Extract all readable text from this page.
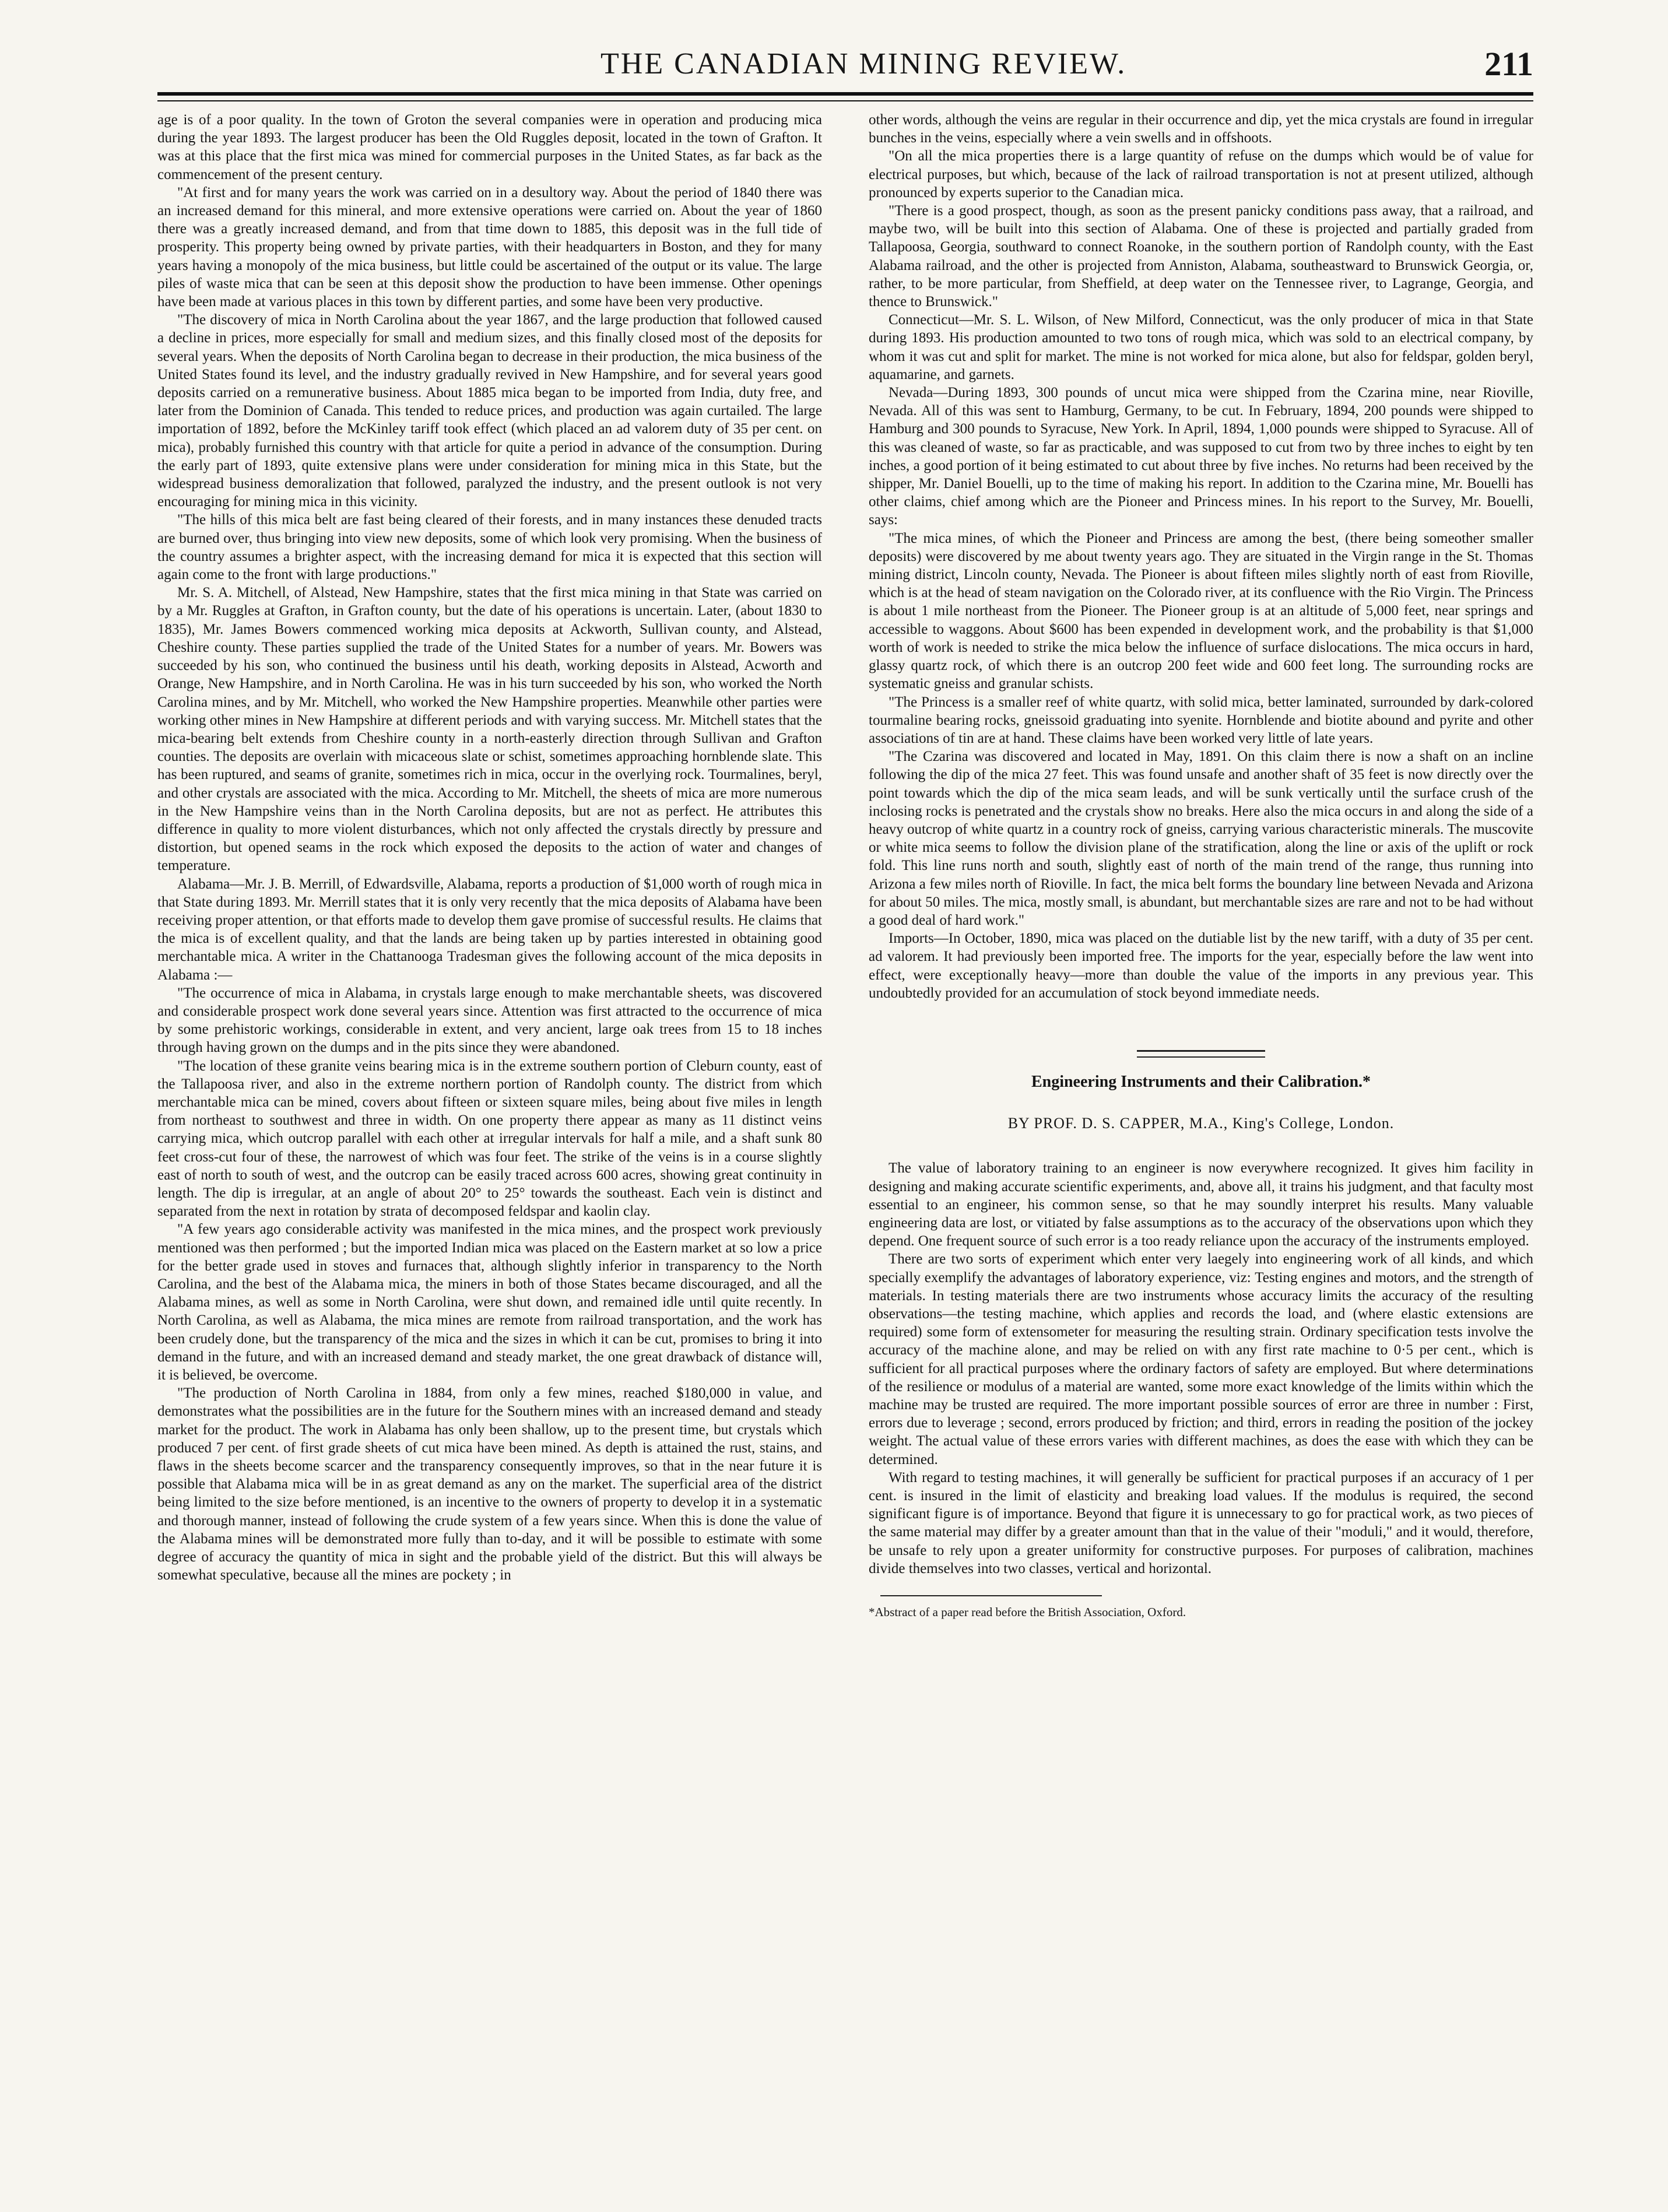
THE CANADIAN MINING REVIEW.	211

age is of a poor quality. In the town of Groton the several companies were in operation and producing mica during the year 1893. The largest producer has been the Old Ruggles deposit, located in the town of Grafton. It was at this place that the first mica was mined for commercial purposes in the United States, as far back as the commencement of the present century.

"At first and for many years the work was carried on in a desultory way. About the period of 1840 there was an increased demand for this mineral, and more extensive operations were carried on. About the year of 1860 there was a greatly increased demand, and from that time down to 1885, this deposit was in the full tide of prosperity. This property being owned by private parties, with their headquarters in Boston, and they for many years having a monopoly of the mica business, but little could be ascertained of the output or its value. The large piles of waste mica that can be seen at this deposit show the production to have been immense. Other openings have been made at various places in this town by different parties, and some have been very productive.

"The discovery of mica in North Carolina about the year 1867, and the large production that followed caused a decline in prices, more especially for small and medium sizes, and this finally closed most of the deposits for several years. When the deposits of North Carolina began to decrease in their production, the mica business of the United States found its level, and the industry gradually revived in New Hampshire, and for several years good deposits carried on a remunerative business. About 1885 mica began to be imported from India, duty free, and later from the Dominion of Canada. This tended to reduce prices, and production was again curtailed. The large importation of 1892, before the McKinley tariff took effect (which placed an ad valorem duty of 35 per cent. on mica), probably furnished this country with that article for quite a period in advance of the consumption. During the early part of 1893, quite extensive plans were under consideration for mining mica in this State, but the widespread business demoralization that followed, paralyzed the industry, and the present outlook is not very encouraging for mining mica in this vicinity.

"The hills of this mica belt are fast being cleared of their forests, and in many instances these denuded tracts are burned over, thus bringing into view new deposits, some of which look very promising. When the business of the country assumes a brighter aspect, with the increasing demand for mica it is expected that this section will again come to the front with large productions."

Mr. S. A. Mitchell, of Alstead, New Hampshire, states that the first mica mining in that State was carried on by a Mr. Ruggles at Grafton, in Grafton county, but the date of his operations is uncertain. Later, (about 1830 to 1835), Mr. James Bowers commenced working mica deposits at Ackworth, Sullivan county, and Alstead, Cheshire county. These parties supplied the trade of the United States for a number of years. Mr. Bowers was succeeded by his son, who continued the business until his death, working deposits in Alstead, Acworth and Orange, New Hampshire, and in North Carolina. He was in his turn succeeded by his son, who worked the North Carolina mines, and by Mr. Mitchell, who worked the New Hampshire properties. Meanwhile other parties were working other mines in New Hampshire at different periods and with varying success. Mr. Mitchell states that the mica-bearing belt extends from Cheshire county in a north-easterly direction through Sullivan and Grafton counties. The deposits are overlain with micaceous slate or schist, sometimes approaching hornblende slate. This has been ruptured, and seams of granite, sometimes rich in mica, occur in the overlying rock. Tourmalines, beryl, and other crystals are associated with the mica. According to Mr. Mitchell, the sheets of mica are more numerous in the New Hampshire veins than in the North Carolina deposits, but are not as perfect. He attributes this difference in quality to more violent disturbances, which not only affected the crystals directly by pressure and distortion, but opened seams in the rock which exposed the deposits to the action of water and changes of temperature.

Alabama—Mr. J. B. Merrill, of Edwardsville, Alabama, reports a production of $1,000 worth of rough mica in that State during 1893. Mr. Merrill states that it is only very recently that the mica deposits of Alabama have been receiving proper attention, or that efforts made to develop them gave promise of successful results. He claims that the mica is of excellent quality, and that the lands are being taken up by parties interested in obtaining good merchantable mica. A writer in the Chattanooga Tradesman gives the following account of the mica deposits in Alabama :—

"The occurrence of mica in Alabama, in crystals large enough to make merchantable sheets, was discovered and considerable prospect work done several years since. Attention was first attracted to the occurrence of mica by some prehistoric workings, considerable in extent, and very ancient, large oak trees from 15 to 18 inches through having grown on the dumps and in the pits since they were abandoned.

"The location of these granite veins bearing mica is in the extreme southern portion of Cleburn county, east of the Tallapoosa river, and also in the extreme northern portion of Randolph county. The district from which merchantable mica can be mined, covers about fifteen or sixteen square miles, being about five miles in length from northeast to southwest and three in width. On one property there appear as many as 11 distinct veins carrying mica, which outcrop parallel with each other at irregular intervals for half a mile, and a shaft sunk 80 feet cross-cut four of these, the narrowest of which was four feet. The strike of the veins is in a course slightly east of north to south of west, and the outcrop can be easily traced across 600 acres, showing great continuity in length. The dip is irregular, at an angle of about 20° to 25° towards the southeast. Each vein is distinct and separated from the next in rotation by strata of decomposed feldspar and kaolin clay.

"A few years ago considerable activity was manifested in the mica mines, and the prospect work previously mentioned was then performed ; but the imported Indian mica was placed on the Eastern market at so low a price for the better grade used in stoves and furnaces that, although slightly inferior in transparency to the North Carolina, and the best of the Alabama mica, the miners in both of those States became discouraged, and all the Alabama mines, as well as some in North Carolina, were shut down, and remained idle until quite recently. In North Carolina, as well as Alabama, the mica mines are remote from railroad transportation, and the work has been crudely done, but the transparency of the mica and the sizes in which it can be cut, promises to bring it into demand in the future, and with an increased demand and steady market, the one great drawback of distance will, it is believed, be overcome.

"The production of North Carolina in 1884, from only a few mines, reached $180,000 in value, and demonstrates what the possibilities are in the future for the Southern mines with an increased demand and steady market for the product. The work in Alabama has only been shallow, up to the present time, but crystals which produced 7 per cent. of first grade sheets of cut mica have been mined. As depth is attained the rust, stains, and flaws in the sheets become scarcer and the transparency consequently improves, so that in the near future it is possible that Alabama mica will be in as great demand as any on the market. The superficial area of the district being limited to the size before mentioned, is an incentive to the owners of property to develop it in a systematic and thorough manner, instead of following the crude system of a few years since. When this is done the value of the Alabama mines will be demonstrated more fully than to-day, and it will be possible to estimate with some degree of accuracy the quantity of mica in sight and the probable yield of the district. But this will always be somewhat speculative, because all the mines are pockety ; in

other words, although the veins are regular in their occurrence and dip, yet the mica crystals are found in irregular bunches in the veins, especially where a vein swells and in offshoots.

"On all the mica properties there is a large quantity of refuse on the dumps which would be of value for electrical purposes, but which, because of the lack of railroad transportation is not at present utilized, although pronounced by experts superior to the Canadian mica.

"There is a good prospect, though, as soon as the present panicky conditions pass away, that a railroad, and maybe two, will be built into this section of Alabama. One of these is projected and partially graded from Tallapoosa, Georgia, southward to connect Roanoke, in the southern portion of Randolph county, with the East Alabama railroad, and the other is projected from Anniston, Alabama, southeastward to Brunswick Georgia, or, rather, to be more particular, from Sheffield, at deep water on the Tennessee river, to Lagrange, Georgia, and thence to Brunswick."

Connecticut—Mr. S. L. Wilson, of New Milford, Connecticut, was the only producer of mica in that State during 1893. His production amounted to two tons of rough mica, which was sold to an electrical company, by whom it was cut and split for market. The mine is not worked for mica alone, but also for feldspar, golden beryl, aquamarine, and garnets.

Nevada—During 1893, 300 pounds of uncut mica were shipped from the Czarina mine, near Rioville, Nevada. All of this was sent to Hamburg, Germany, to be cut. In February, 1894, 200 pounds were shipped to Hamburg and 300 pounds to Syracuse, New York. In April, 1894, 1,000 pounds were shipped to Syracuse. All of this was cleaned of waste, so far as practicable, and was supposed to cut from two by three inches to eight by ten inches, a good portion of it being estimated to cut about three by five inches. No returns had been received by the shipper, Mr. Daniel Bouelli, up to the time of making his report. In addition to the Czarina mine, Mr. Bouelli has other claims, chief among which are the Pioneer and Princess mines. In his report to the Survey, Mr. Bouelli, says:

"The mica mines, of which the Pioneer and Princess are among the best, (there being someother smaller deposits) were discovered by me about twenty years ago. They are situated in the Virgin range in the St. Thomas mining district, Lincoln county, Nevada. The Pioneer is about fifteen miles slightly north of east from Rioville, which is at the head of steam navigation on the Colorado river, at its confluence with the Rio Virgin. The Princess is about 1 mile northeast from the Pioneer. The Pioneer group is at an altitude of 5,000 feet, near springs and accessible to waggons. About $600 has been expended in development work, and the probability is that $1,000 worth of work is needed to strike the mica below the influence of surface dislocations. The mica occurs in hard, glassy quartz rock, of which there is an outcrop 200 feet wide and 600 feet long. The surrounding rocks are systematic gneiss and granular schists.

"The Princess is a smaller reef of white quartz, with solid mica, better laminated, surrounded by dark-colored tourmaline bearing rocks, gneissoid graduating into syenite. Hornblende and biotite abound and pyrite and other associations of tin are at hand. These claims have been worked very little of late years.

"The Czarina was discovered and located in May, 1891. On this claim there is now a shaft on an incline following the dip of the mica 27 feet. This was found unsafe and another shaft of 35 feet is now directly over the point towards which the dip of the mica seam leads, and will be sunk vertically until the surface crush of the inclosing rocks is penetrated and the crystals show no breaks. Here also the mica occurs in and along the side of a heavy outcrop of white quartz in a country rock of gneiss, carrying various characteristic minerals. The muscovite or white mica seems to follow the division plane of the stratification, along the line or axis of the uplift or rock fold. This line runs north and south, slightly east of north of the main trend of the range, thus running into Arizona a few miles north of Rioville. In fact, the mica belt forms the boundary line between Nevada and Arizona for about 50 miles. The mica, mostly small, is abundant, but merchantable sizes are rare and not to be had without a good deal of hard work."

Imports—In October, 1890, mica was placed on the dutiable list by the new tariff, with a duty of 35 per cent. ad valorem. It had previously been imported free. The imports for the year, especially before the law went into effect, were exceptionally heavy—more than double the value of the imports in any previous year. This undoubtedly provided for an accumulation of stock beyond immediate needs.

Engineering Instruments and their Calibration.*
BY PROF. D. S. CAPPER, M.A., King's College, London.

The value of laboratory training to an engineer is now everywhere recognized. It gives him facility in designing and making accurate scientific experiments, and, above all, it trains his judgment, and that faculty most essential to an engineer, his common sense, so that he may soundly interpret his results. Many valuable engineering data are lost, or vitiated by false assumptions as to the accuracy of the observations upon which they depend. One frequent source of such error is a too ready reliance upon the accuracy of the instruments employed.

There are two sorts of experiment which enter very laegely into engineering work of all kinds, and which specially exemplify the advantages of laboratory experience, viz: Testing engines and motors, and the strength of materials. In testing materials there are two instruments whose accuracy limits the accuracy of the resulting observations—the testing machine, which applies and records the load, and (where elastic extensions are required) some form of extensometer for measuring the resulting strain. Ordinary specification tests involve the accuracy of the machine alone, and may be relied on with any first rate machine to 0·5 per cent., which is sufficient for all practical purposes where the ordinary factors of safety are employed. But where determinations of the resilience or modulus of a material are wanted, some more exact knowledge of the limits within which the machine may be trusted are required. The more important possible sources of error are three in number : First, errors due to leverage ; second, errors produced by friction; and third, errors in reading the position of the jockey weight. The actual value of these errors varies with different machines, as does the ease with which they can be determined.

With regard to testing machines, it will generally be sufficient for practical purposes if an accuracy of 1 per cent. is insured in the limit of elasticity and breaking load values. If the modulus is required, the second significant figure is of importance. Beyond that figure it is unnecessary to go for practical work, as two pieces of the same material may differ by a greater amount than that in the value of their "moduli," and it would, therefore, be unsafe to rely upon a greater uniformity for constructive purposes. For purposes of calibration, machines divide themselves into two classes, vertical and horizontal.

*Abstract of a paper read before the British Association, Oxford.
